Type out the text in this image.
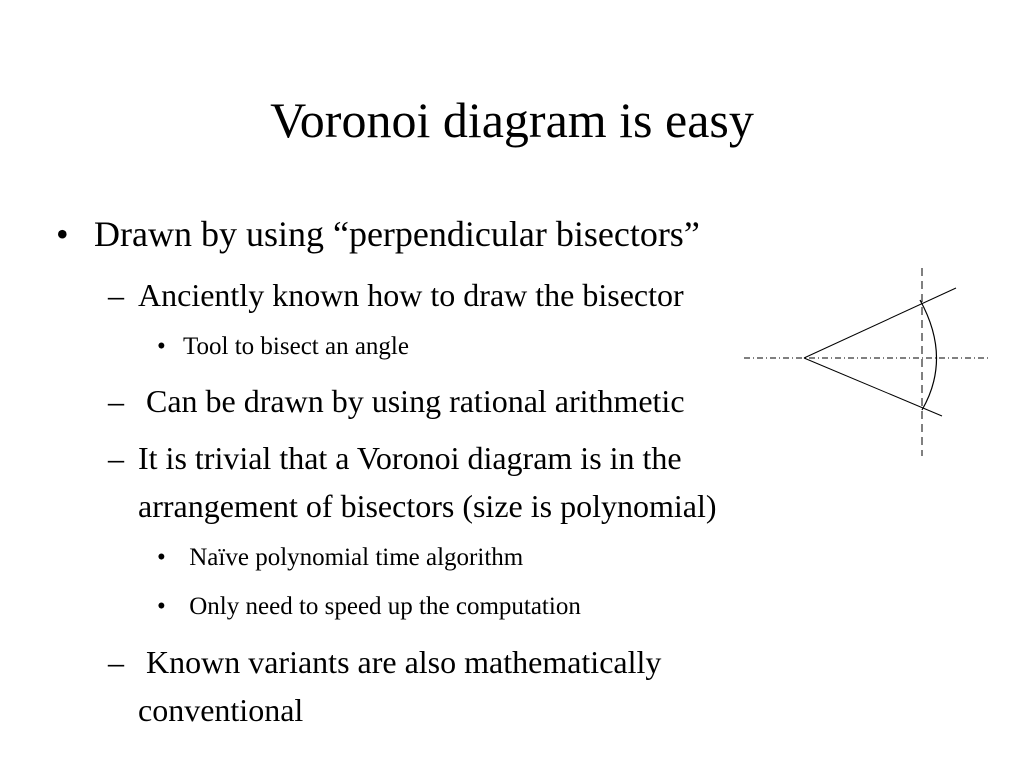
Voronoi diagram is easy
• Drawn by using “perpendicular bisectors”
– Anciently known how to draw the bisector
• Tool to bisect an angle
– Can be drawn by using rational arithmetic
– It is trivial that a Voronoi diagram is in the
arrangement of bisectors (size is polynomial)
• Naïve polynomial time algorithm
• Only need to speed up the computation
– Known variants are also mathematically
conventional
